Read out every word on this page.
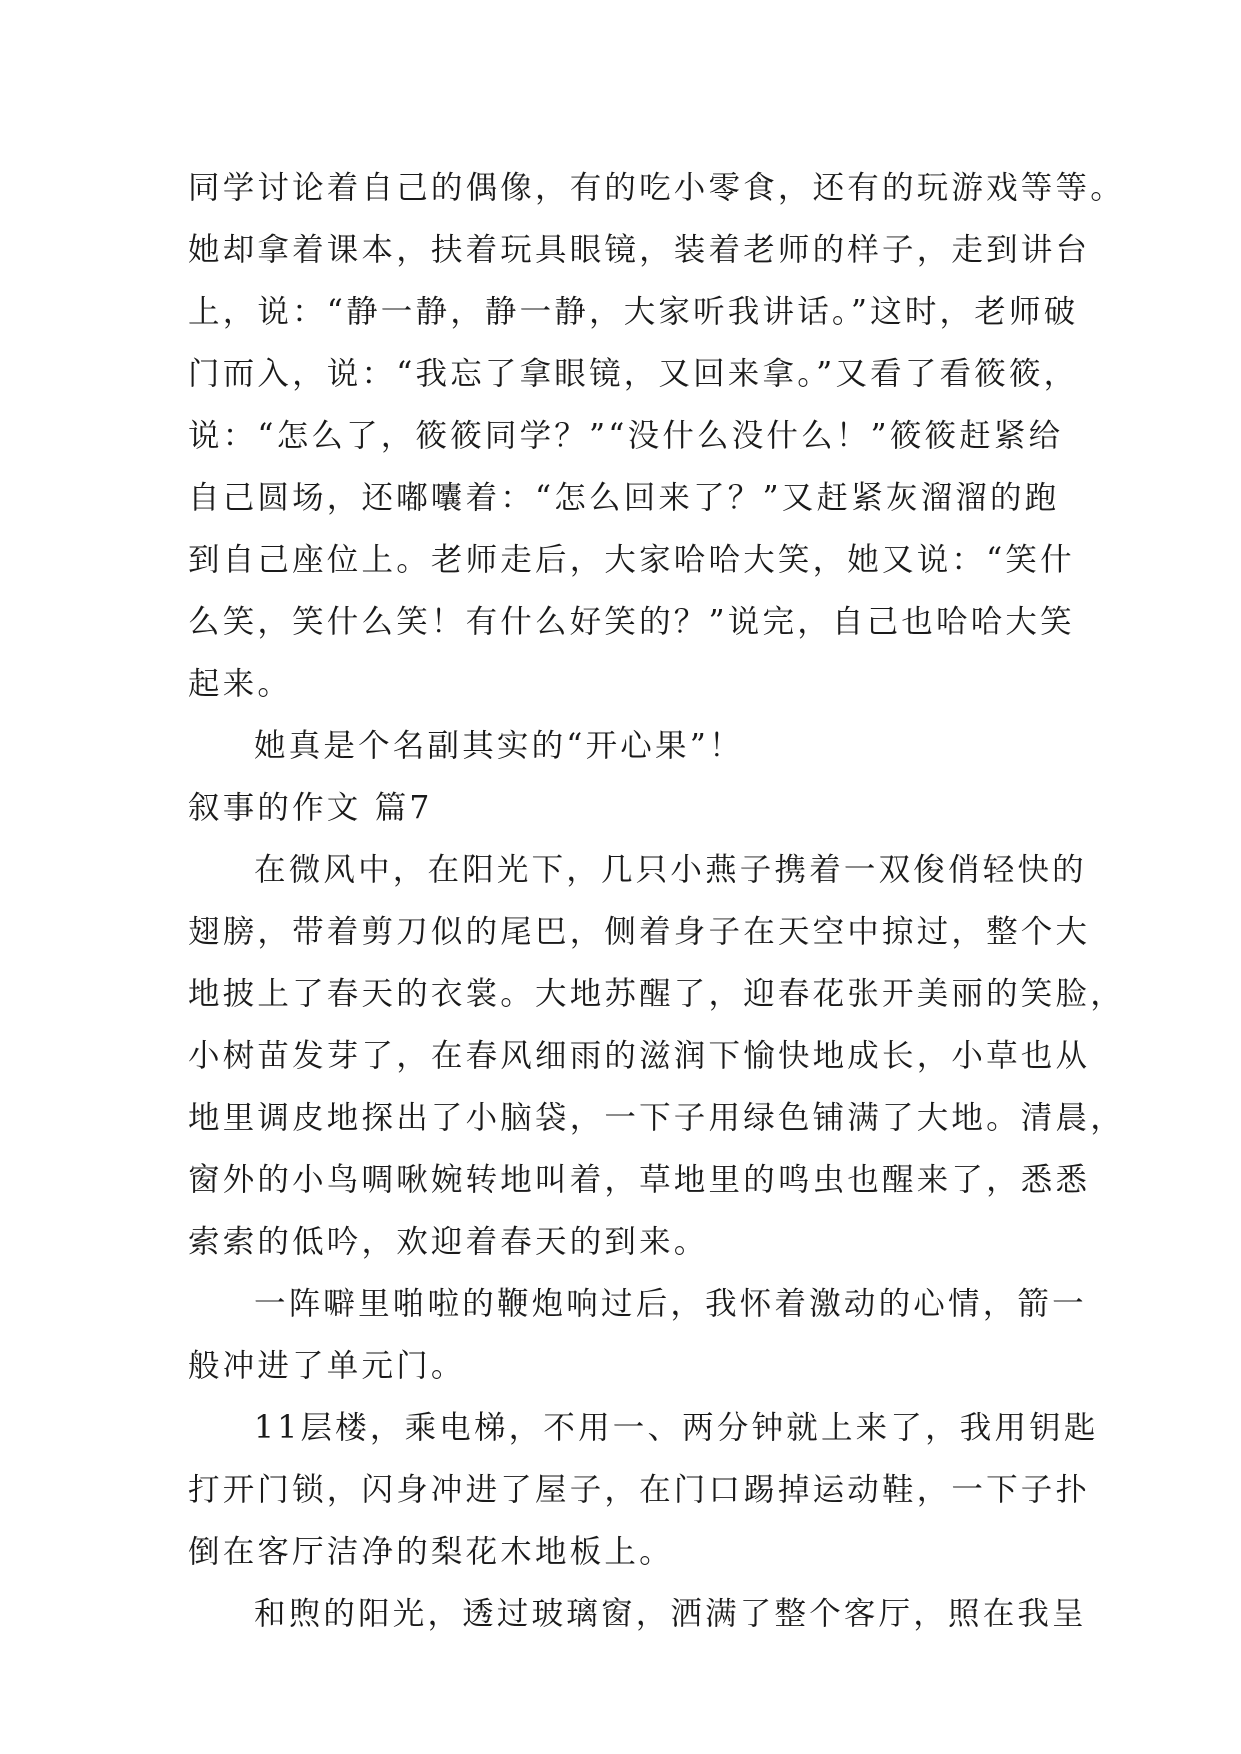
同学讨论着自己的偶像，有的吃小零食，还有的玩游戏等等。
她却拿着课本，扶着玩具眼镜，装着老师的样子，走到讲台
上，说：“静一静，静一静，大家听我讲话。”这时，老师破
门而入，说：“我忘了拿眼镜，又回来拿。”又看了看筱筱，
说：“怎么了，筱筱同学？”“没什么没什么！”筱筱赶紧给
自己圆场，还嘟囔着：“怎么回来了？”又赶紧灰溜溜的跑
到自己座位上。老师走后，大家哈哈大笑，她又说：“笑什
么笑，笑什么笑！有什么好笑的？”说完，自己也哈哈大笑
起来。
她真是个名副其实的“开心果”！
叙事的作文 篇7
在微风中，在阳光下，几只小燕子携着一双俊俏轻快的
翅膀，带着剪刀似的尾巴，侧着身子在天空中掠过，整个大
地披上了春天的衣裳。大地苏醒了，迎春花张开美丽的笑脸，
小树苗发芽了，在春风细雨的滋润下愉快地成长，小草也从
地里调皮地探出了小脑袋，一下子用绿色铺满了大地。清晨，
窗外的小鸟啁啾婉转地叫着，草地里的鸣虫也醒来了，悉悉
索索的低吟，欢迎着春天的到来。
一阵噼里啪啦的鞭炮响过后，我怀着激动的心情，箭一
般冲进了单元门。
11层楼，乘电梯，不用一、两分钟就上来了，我用钥匙
打开门锁，闪身冲进了屋子，在门口踢掉运动鞋，一下子扑
倒在客厅洁净的梨花木地板上。
和煦的阳光，透过玻璃窗，洒满了整个客厅，照在我呈
